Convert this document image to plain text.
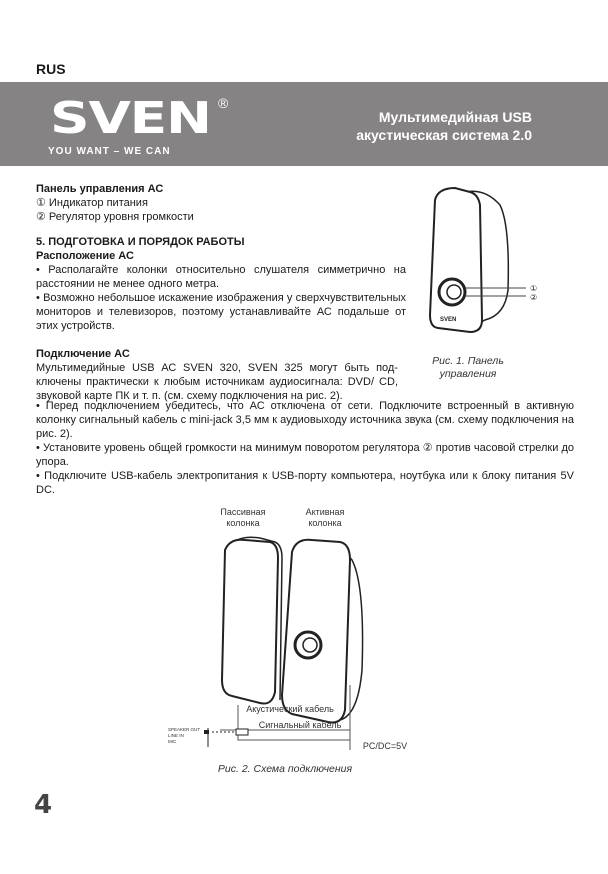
RUS
SVEN ®
YOU WANT – WE CAN
Мультимедийная USB
акустическая система 2.0
Панель управления АС
① Индикатор питания
② Регулятор уровня громкости
5. ПОДГОТОВКА И ПОРЯДОК РАБОТЫ
Расположение АС
• Располагайте колонки относительно слушателя симметрично на расстоянии не менее одного метра.
• Возможно небольшое искажение изображения у сверхчувствительных мониторов и телевизоров, поэтому устанавливайте АС подальше от этих устройств.
Подключение АС
Мультимедийные USB АС SVEN 320, SVEN 325 могут быть подключены практически к любым источникам аудиосигнала: DVD/ CD, звуковой карте ПК и т. п. (см. схему подключения на рис. 2).
• Перед подключением убедитесь, что АС отключена от сети. Подключите встроенный в активную колонку сигнальный кабель с mini-jack 3,5 мм к аудиовыходу источника звука (см. схему подключения на рис. 2).
• Установите уровень общей громкости на минимум поворотом регулятора ② против часовой стрелки до упора.
• Подключите USB-кабель электропитания к USB-порту компьютера, ноутбука или к блоку питания 5V DC.
①
②
SVEN
Рис. 1. Панель управления
Пассивная колонка
Активная колонка
Акустический кабель
Сигнальный кабель
SPEAKER OUT
LINE IN
MIC	PC/DC=5V
Рис. 2. Схема подключения
4
